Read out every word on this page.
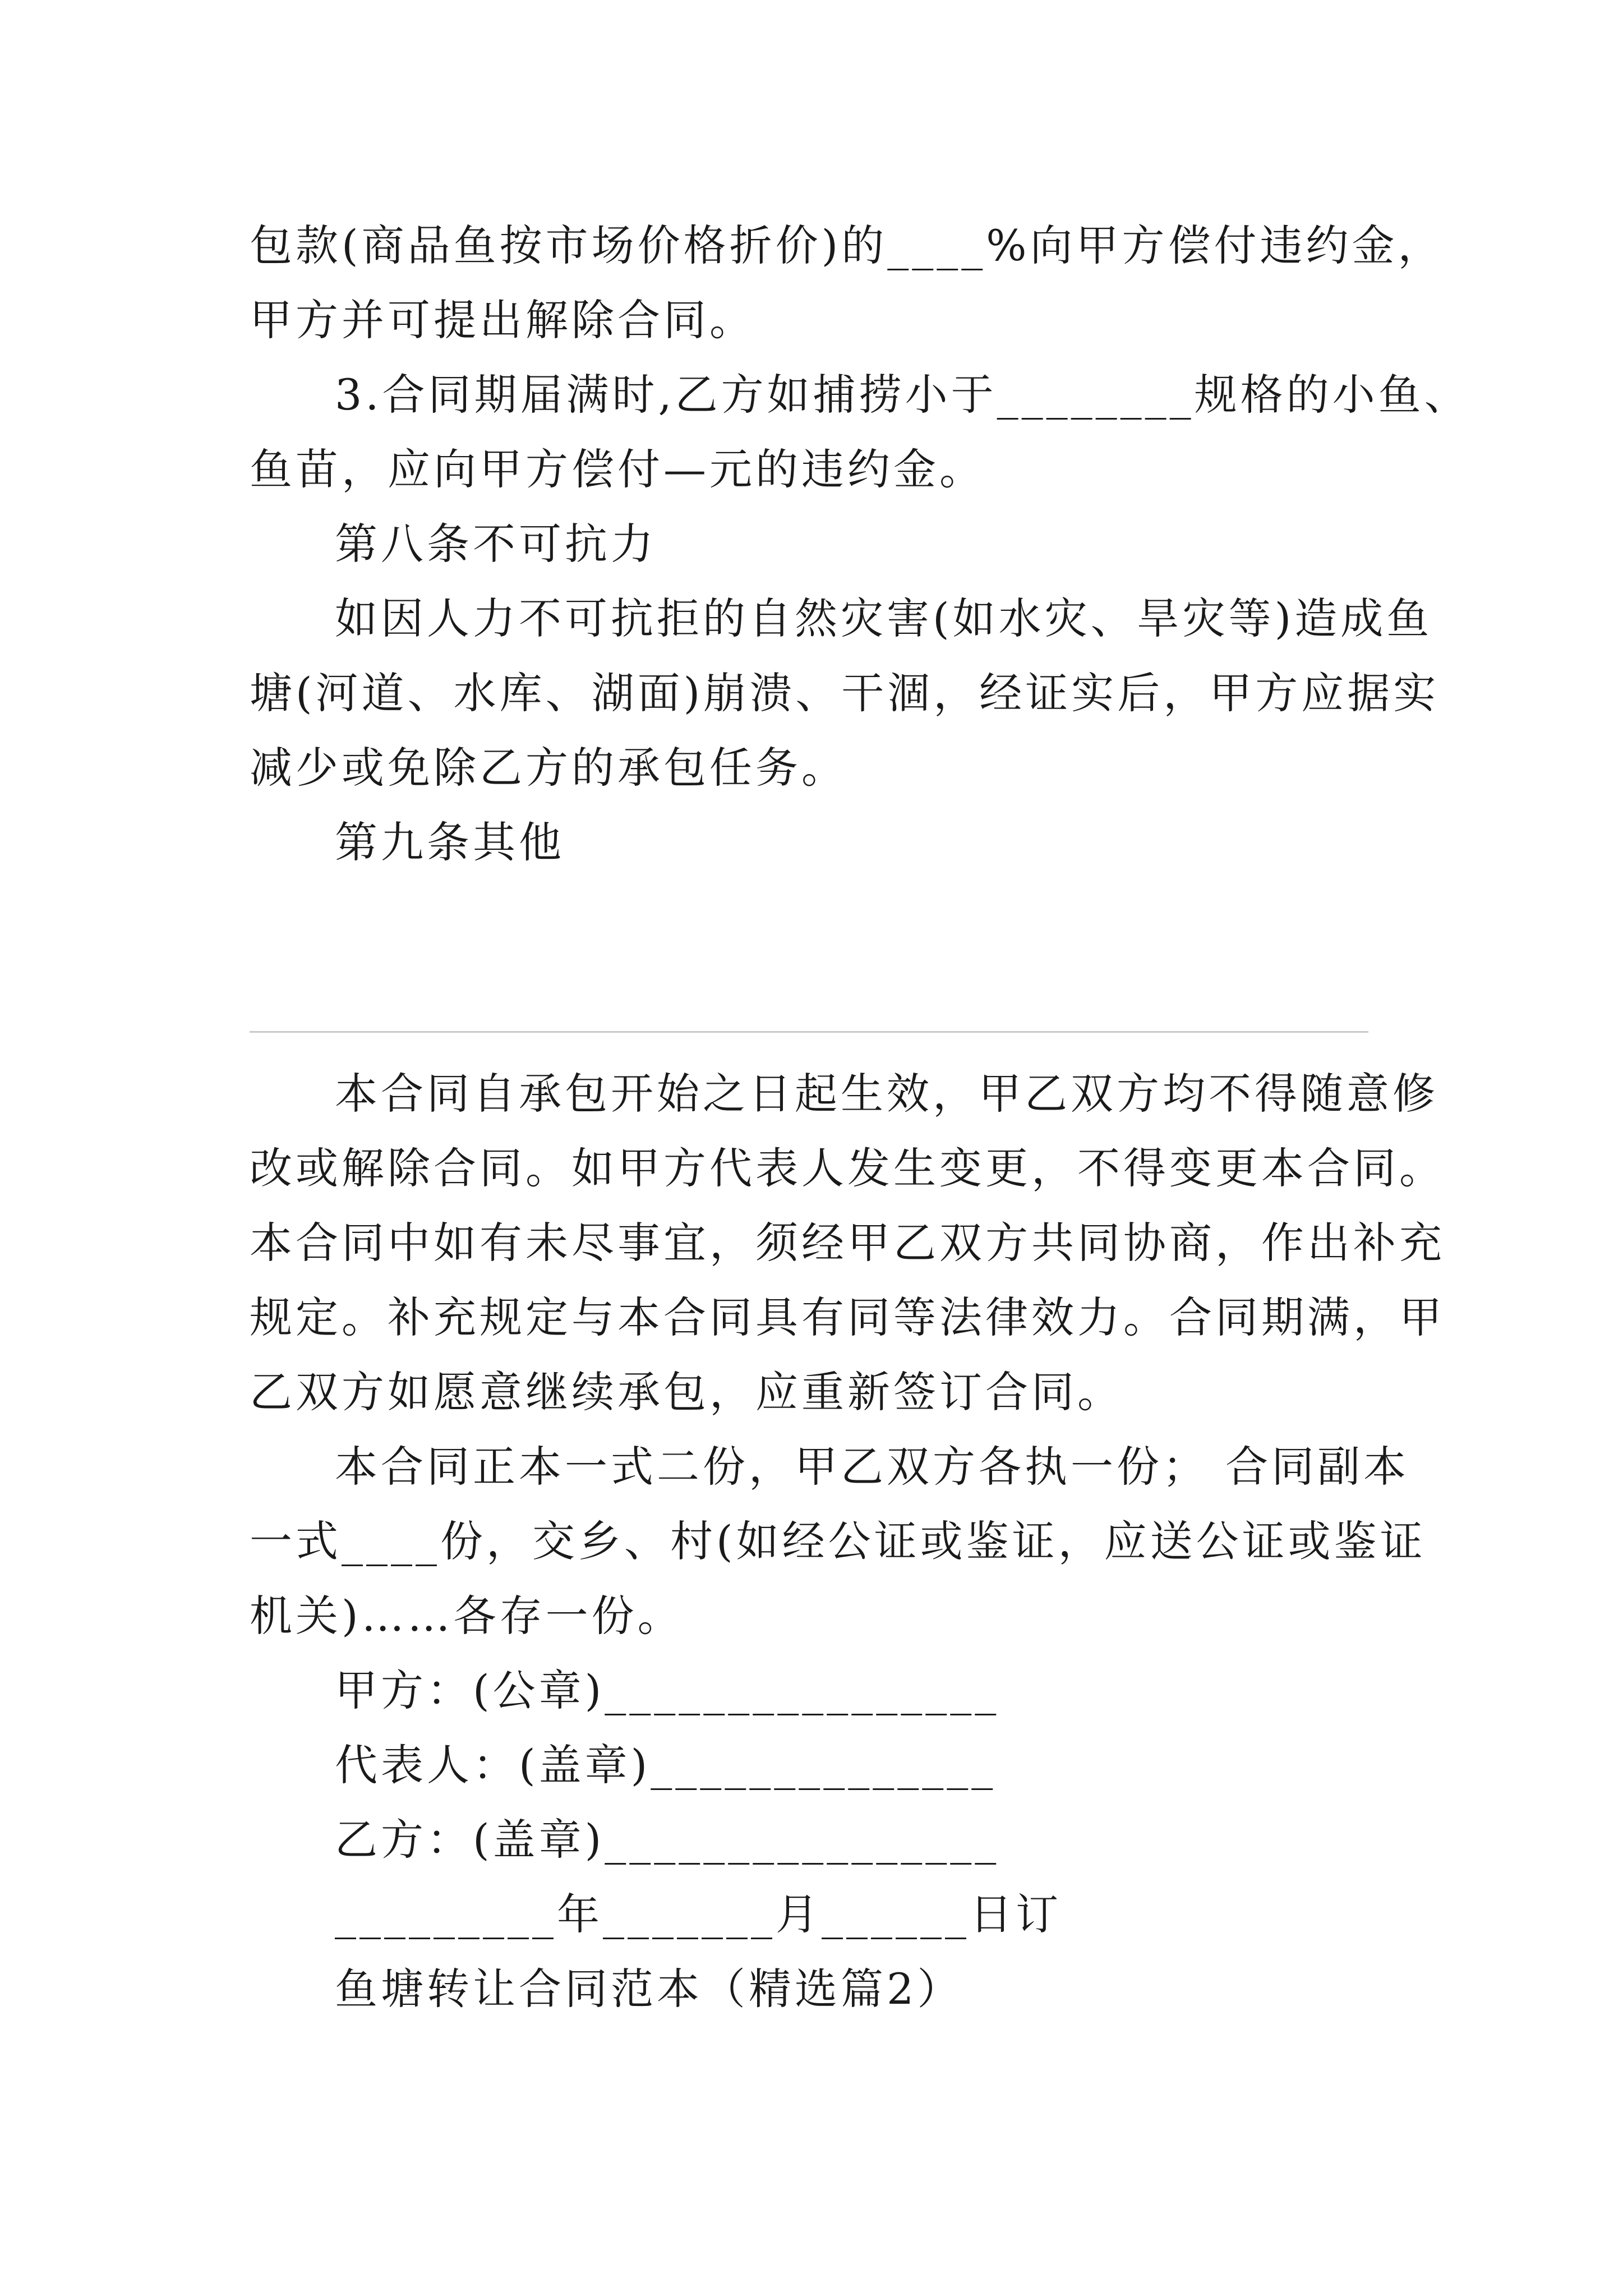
包款(商品鱼按市场价格折价)的____%向甲方偿付违约金，
甲方并可提出解除合同。
3.合同期届满时,乙方如捕捞小于________规格的小鱼、
鱼苗，应向甲方偿付—元的违约金。
第八条不可抗力
如因人力不可抗拒的自然灾害(如水灾、旱灾等)造成鱼
塘(河道、水库、湖面)崩溃、干涸，经证实后，甲方应据实
减少或免除乙方的承包任务。
第九条其他
本合同自承包开始之日起生效，甲乙双方均不得随意修
改或解除合同。如甲方代表人发生变更，不得变更本合同。
本合同中如有未尽事宜，须经甲乙双方共同协商，作出补充
规定。补充规定与本合同具有同等法律效力。合同期满，甲
乙双方如愿意继续承包，应重新签订合同。
本合同正本一式二份，甲乙双方各执一份； 合同副本
一式____份，交乡、村(如经公证或鉴证，应送公证或鉴证
机关)……各存一份。
甲方：(公章)________________
代表人：(盖章)______________
乙方：(盖章)________________
_________年_______月______日订
鱼塘转让合同范本（精选篇2）
